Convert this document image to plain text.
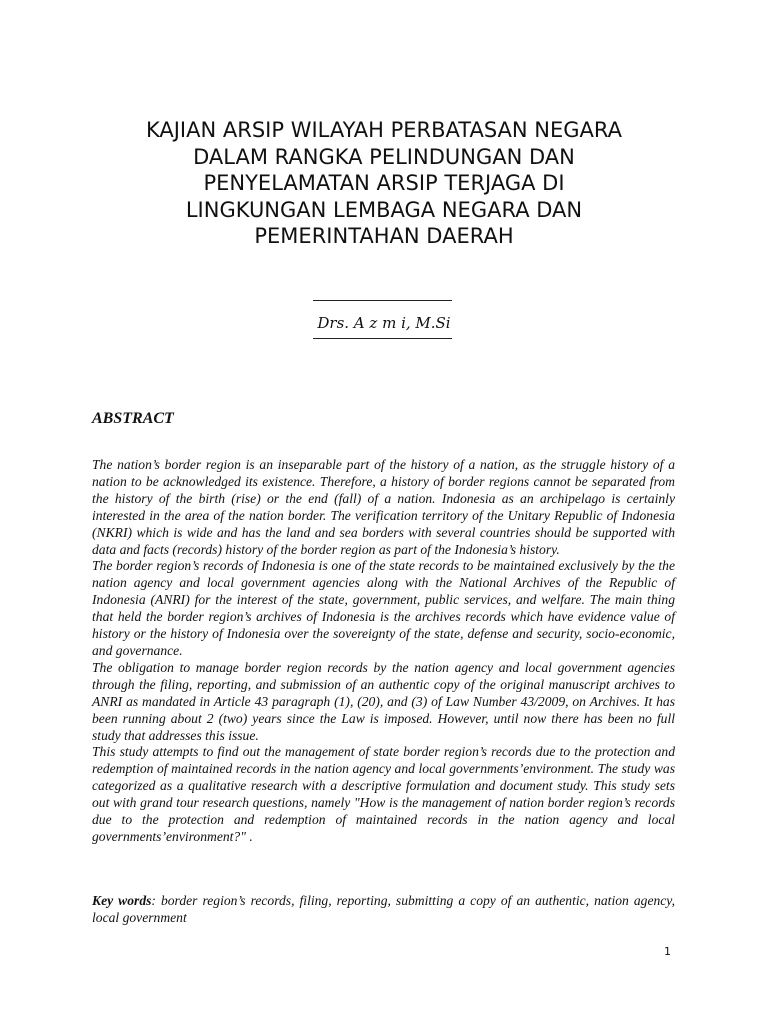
KAJIAN ARSIP WILAYAH PERBATASAN NEGARA
DALAM RANGKA PELINDUNGAN DAN
PENYELAMATAN ARSIP TERJAGA DI
LINGKUNGAN LEMBAGA NEGARA DAN
PEMERINTAHAN DAERAH
Drs. A z m i, M.Si
ABSTRACT

The nation’s border region is an inseparable part of the history of a nation, as the struggle history of a nation to be acknowledged its existence. Therefore, a history of border regions cannot be separated from the history of the birth (rise) or the end (fall) of a nation. Indonesia as an archipelago is certainly interested in the area of the nation border. The verification territory of the Unitary Republic of Indonesia (NKRI) which is wide and has the land and sea borders with several countries should be supported with data and facts (records) history of the border region as part of the Indonesia’s history.

The border region’s records of Indonesia is one of the state records to be maintained exclusively by the the nation agency and local government agencies along with the National Archives of the Republic of Indonesia (ANRI) for the interest of the state, government, public services, and welfare. The main thing that held the border region’s archives of Indonesia is the archives records which have evidence value of history or the history of Indonesia over the sovereignty of the state, defense and security, socio-economic, and governance.

The obligation to manage border region records by the nation agency and local government agencies through the filing, reporting, and submission of an authentic copy of the original manuscript archives to ANRI as mandated in Article 43 paragraph (1), (20), and (3) of Law Number 43/2009, on Archives. It has been running about 2 (two) years since the Law is imposed. However, until now there has been no full study that addresses this issue.

This study attempts to find out the management of state border region’s records due to the protection and redemption of maintained records in the nation agency and local governments’environment. The study was categorized as a qualitative research with a descriptive formulation and document study. This study sets out with grand tour research questions, namely "How is the management of nation border region’s records due to the protection and redemption of maintained records in the nation agency and local governments’environment?" .

Key words: border region’s records, filing, reporting, submitting a copy of an authentic, nation agency, local government
1
